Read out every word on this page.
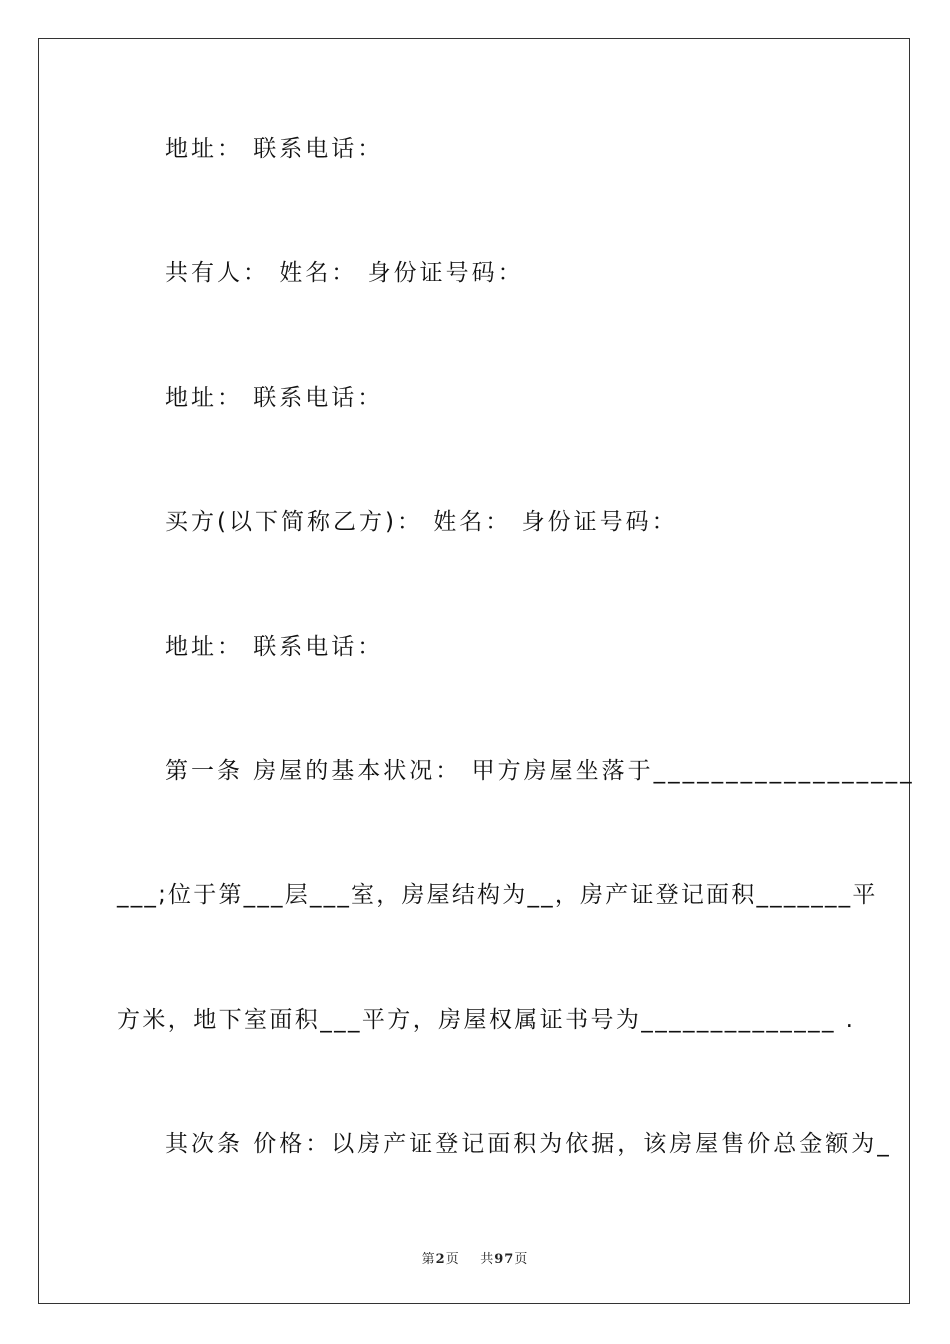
地址： 联系电话：
共有人： 姓名： 身份证号码：
地址： 联系电话：
买方(以下简称乙方)： 姓名： 身份证号码：
地址： 联系电话：
第一条 房屋的基本状况： 甲方房屋坐落于__________________
___;位于第___层___室，房屋结构为__，房产证登记面积_______平
方米，地下室面积___平方，房屋权属证书号为______________ .
其次条 价格：以房产证登记面积为依据，该房屋售价总金额为_
第2页 共97页
